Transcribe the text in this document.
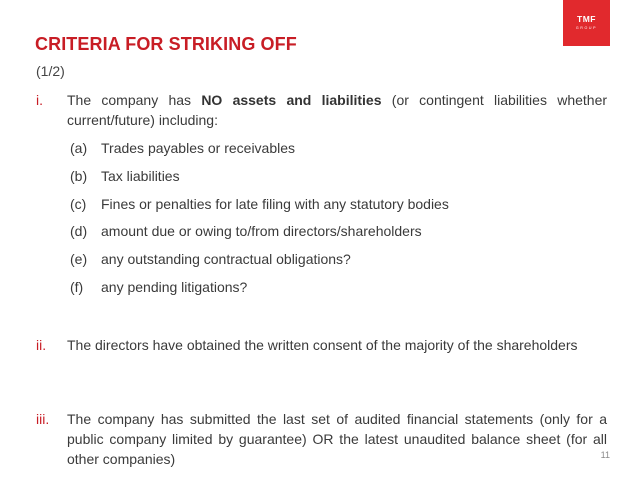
TMF
GROUP
CRITERIA FOR STRIKING OFF
(1/2)
i. The company has NO assets and liabilities (or contingent liabilities whether current/future) including:
(a) Trades payables or receivables
(b) Tax liabilities
(c) Fines or penalties for late filing with any statutory bodies
(d) amount due or owing to/from directors/shareholders
(e) any outstanding contractual obligations?
(f) any pending litigations?
ii. The directors have obtained the written consent of the majority of the shareholders
iii. The company has submitted the last set of audited financial statements (only for a public company limited by guarantee) OR the latest unaudited balance sheet (for all other companies)	11
